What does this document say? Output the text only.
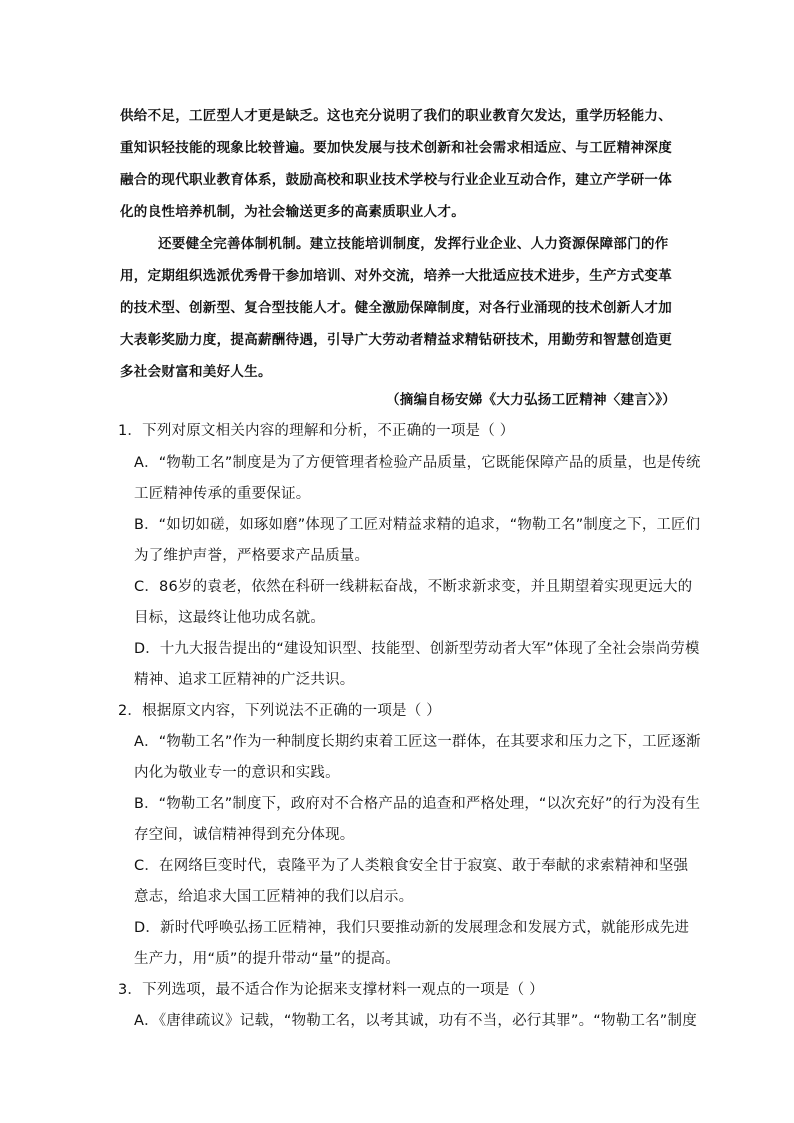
供给不足，工匠型人才更是缺乏。这也充分说明了我们的职业教育欠发达，重学历轻能力、
重知识轻技能的现象比较普遍。要加快发展与技术创新和社会需求相适应、与工匠精神深度
融合的现代职业教育体系，鼓励高校和职业技术学校与行业企业互动合作，建立产学研一体
化的良性培养机制，为社会输送更多的高素质职业人才。
还要健全完善体制机制。建立技能培训制度，发挥行业企业、人力资源保障部门的作
用，定期组织选派优秀骨干参加培训、对外交流，培养一大批适应技术进步，生产方式变革
的技术型、创新型、复合型技能人才。健全激励保障制度，对各行业涌现的技术创新人才加
大表彰奖励力度，提高薪酬待遇，引导广大劳动者精益求精钻研技术，用勤劳和智慧创造更
多社会财富和美好人生。
（摘编自杨安娣《大力弘扬工匠精神〈建言〉》）
1．下列对原文相关内容的理解和分析，不正确的一项是（ ）
A．“物勒工名”制度是为了方便管理者检验产品质量，它既能保障产品的质量，也是传统
工匠精神传承的重要保证。
B．“如切如磋，如琢如磨”体现了工匠对精益求精的追求，“物勒工名”制度之下，工匠们
为了维护声誉，严格要求产品质量。
C．86岁的袁老，依然在科研一线耕耘奋战，不断求新求变，并且期望着实现更远大的
目标，这最终让他功成名就。
D．十九大报告提出的“建设知识型、技能型、创新型劳动者大军”体现了全社会崇尚劳模
精神、追求工匠精神的广泛共识。
2．根据原文内容，下列说法不正确的一项是（ ）
A．“物勒工名”作为一种制度长期约束着工匠这一群体，在其要求和压力之下，工匠逐渐
内化为敬业专一的意识和实践。
B．“物勒工名”制度下，政府对不合格产品的追查和严格处理，“以次充好”的行为没有生
存空间，诚信精神得到充分体现。
C．在网络巨变时代，袁隆平为了人类粮食安全甘于寂寞、敢于奉献的求索精神和坚强
意志，给追求大国工匠精神的我们以启示。
D．新时代呼唤弘扬工匠精神，我们只要推动新的发展理念和发展方式，就能形成先进
生产力，用“质”的提升带动“量”的提高。
3．下列选项，最不适合作为论据来支撑材料一观点的一项是（ ）
A．《唐律疏议》记载，“物勒工名，以考其诚，功有不当，必行其罪”。“物勒工名”制度
